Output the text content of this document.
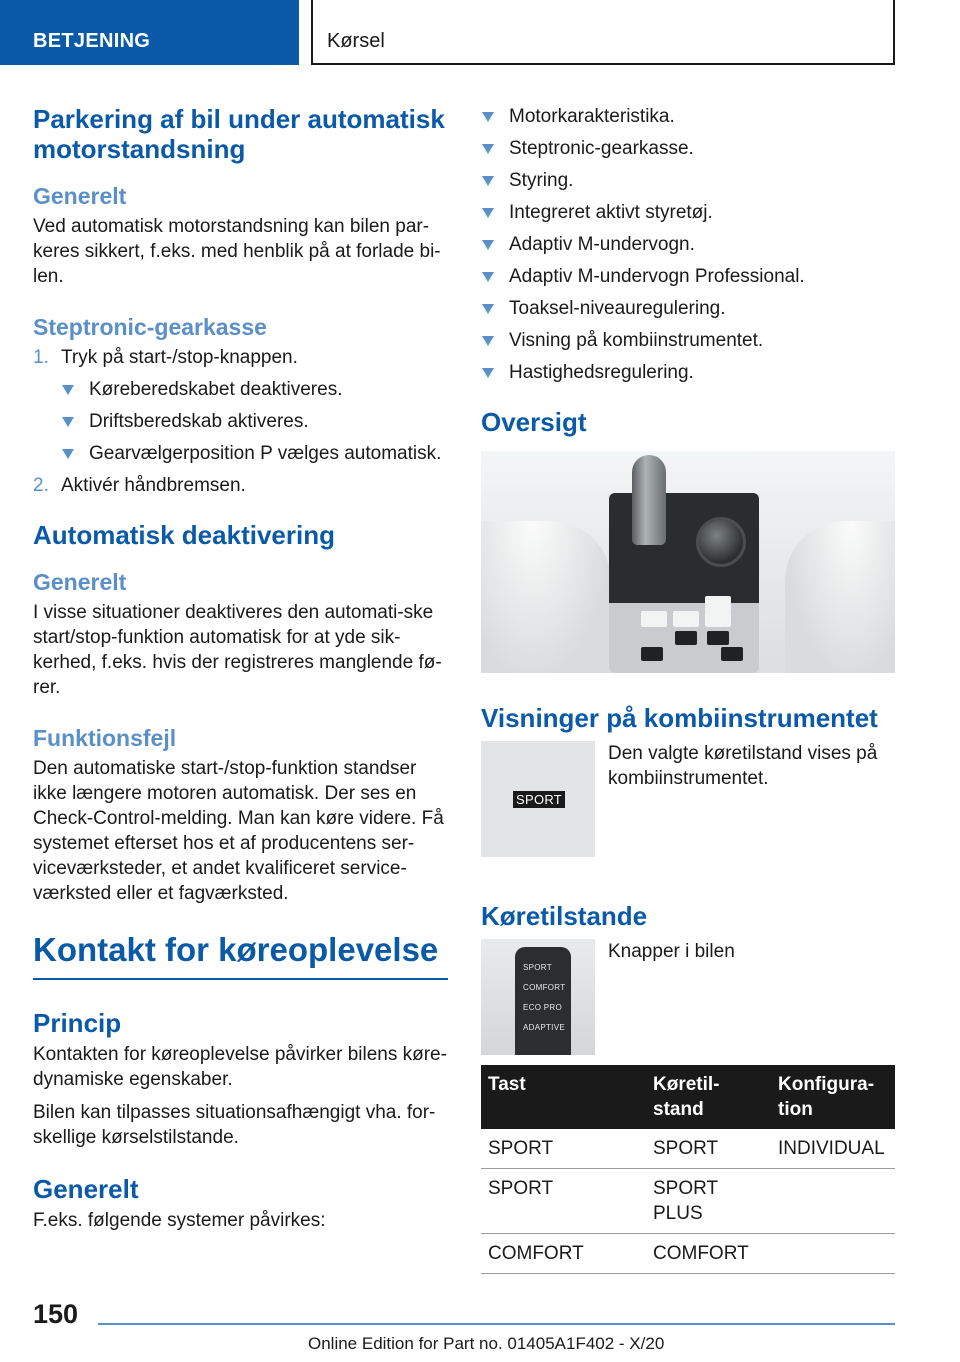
BETJENING	Kørsel
Parkering af bil under automatisk motorstandsning
Generelt

Ved automatisk motorstandsning kan bilen par-keres sikkert, f.eks. med henblik på at forlade bi-len.

Steptronic-gearkasse
1. Tryk på start-/stop-knappen.
Køreberedskabet deaktiveres.
Driftsberedskab aktiveres.
Gearvælgerposition P vælges automatisk.
2. Aktivér håndbremsen.
Automatisk deaktivering
Generelt

I visse situationer deaktiveres den automati-ske start/stop-funktion automatisk for at yde sik-kerhed, f.eks. hvis der registreres manglende fø-rer.

Funktionsfejl

Den automatiske start-/stop-funktion standser ikke længere motoren automatisk. Der ses en Check-Control-melding. Man kan køre videre. Få systemet efterset hos et af producentens ser-viceværksteder, et andet kvalificeret service-værksted eller et fagværksted.

Kontakt for køreoplevelse
Princip

Kontakten for køreoplevelse påvirker bilens køre-dynamiske egenskaber.

Bilen kan tilpasses situationsafhængigt vha. for-skellige kørselstilstande.

Generelt

F.eks. følgende systemer påvirkes:

Motorkarakteristika.
Steptronic-gearkasse.
Styring.
Integreret aktivt styretøj.
Adaptiv M-undervogn.
Adaptiv M-undervogn Professional.
Toaksel-niveauregulering.
Visning på kombiinstrumentet.
Hastighedsregulering.
Oversigt
Visninger på kombiinstrumentet
SPORT

Den valgte køretilstand vises på kombiinstrumentet.

Køretilstande
SPORT
COMFORT
ECO PRO
ADAPTIVE

Knapper i bilen

Tast	Køretil-stand	Konfigura-tion
SPORT	SPORT	INDIVIDUAL
SPORT	SPORT PLUS	
COMFORT	COMFORT	
150
Online Edition for Part no. 01405A1F402 - X/20
